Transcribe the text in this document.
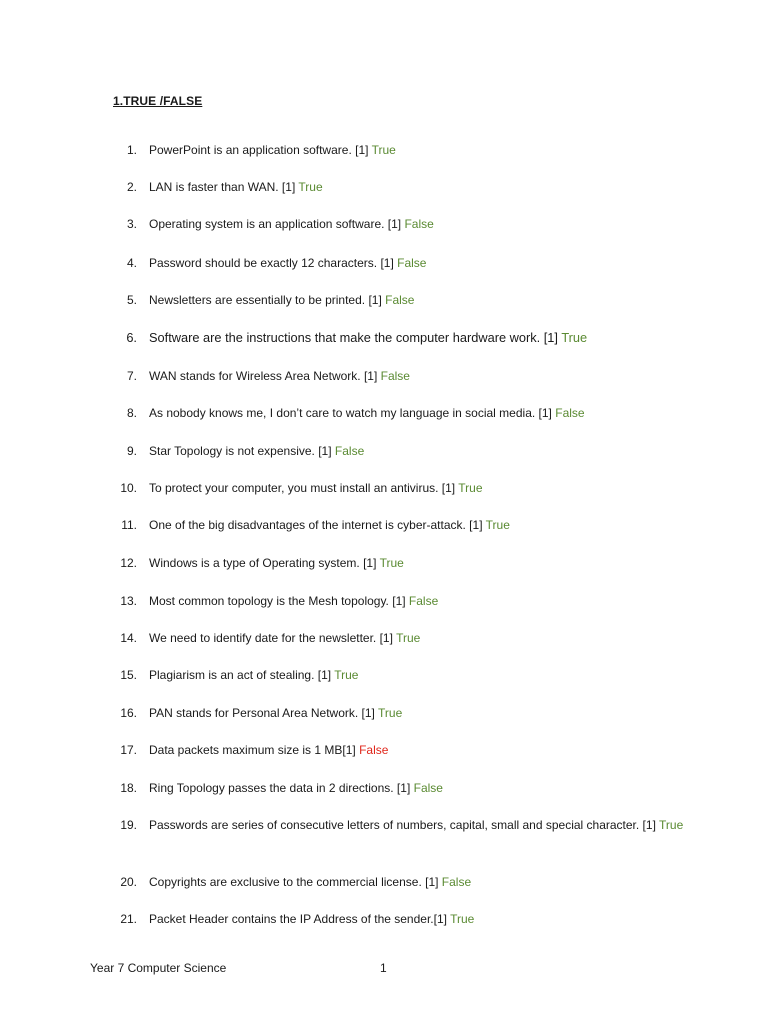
1.TRUE /FALSE
1. PowerPoint is an application software. [1] True
2. LAN is faster than WAN. [1] True
3. Operating system is an application software. [1] False
4. Password should be exactly 12 characters. [1] False
5. Newsletters are essentially to be printed. [1] False
6. Software are the instructions that make the computer hardware work. [1] True
7. WAN stands for Wireless Area Network. [1] False
8. As nobody knows me, I don’t care to watch my language in social media. [1] False
9. Star Topology is not expensive. [1] False
10. To protect your computer, you must install an antivirus. [1] True
11. One of the big disadvantages of the internet is cyber-attack. [1] True
12. Windows is a type of Operating system. [1] True
13. Most common topology is the Mesh topology. [1] False
14. We need to identify date for the newsletter. [1] True
15. Plagiarism is an act of stealing. [1] True
16. PAN stands for Personal Area Network. [1] True
17. Data packets maximum size is 1 MB[1] False
18. Ring Topology passes the data in 2 directions. [1] False
19. Passwords are series of consecutive letters of numbers, capital, small and special character. [1] True
20. Copyrights are exclusive to the commercial license. [1] False
21. Packet Header contains the IP Address of the sender.[1] True
Year 7 Computer Science	1
